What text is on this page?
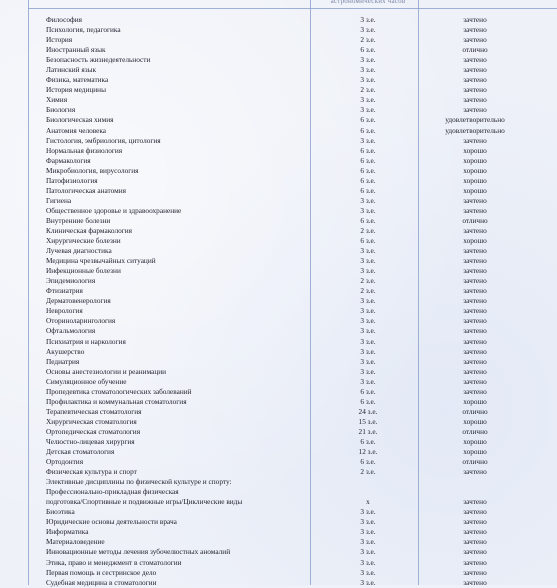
астрономических часов
Философия	3 з.е.	зачтено
Психология, педагогика	3 з.е.	зачтено
История	2 з.е.	зачтено
Иностранный язык	6 з.е.	отлично
Безопасность жизнедеятельности	3 з.е.	зачтено
Латинский язык	3 з.е.	зачтено
Физика, математика	3 з.е.	зачтено
История медицины	2 з.е.	зачтено
Химия	3 з.е.	зачтено
Биология	3 з.е.	зачтено
Биологическая химия	6 з.е.	удовлетворительно
Анатомия человека	6 з.е.	удовлетворительно
Гистология, эмбриология, цитология	3 з.е.	зачтено
Нормальная физиология	6 з.е.	хорошо
Фармакология	6 з.е.	хорошо
Микробиология, вирусология	6 з.е.	хорошо
Патофизиология	6 з.е.	хорошо
Патологическая анатомия	6 з.е.	хорошо
Гигиена	3 з.е.	зачтено
Общественное здоровье и здравоохранение	3 з.е.	зачтено
Внутренние болезни	6 з.е.	отлично
Клиническая фармакология	2 з.е.	зачтено
Хирургические болезни	6 з.е.	хорошо
Лучевая диагностика	3 з.е.	зачтено
Медицина чрезвычайных ситуаций	3 з.е.	зачтено
Инфекционные болезни	3 з.е.	зачтено
Эпидемиология	2 з.е.	зачтено
Фтизиатрия	2 з.е.	зачтено
Дерматовенерология	3 з.е.	зачтено
Неврология	3 з.е.	зачтено
Оториноларингология	3 з.е.	зачтено
Офтальмология	3 з.е.	зачтено
Психиатрия и наркология	3 з.е.	зачтено
Акушерство	3 з.е.	зачтено
Педиатрия	3 з.е.	зачтено
Основы анестезиологии и реанимации	3 з.е.	зачтено
Симуляционное обучение	3 з.е.	зачтено
Пропедевтика стоматологических заболеваний	6 з.е.	зачтено
Профилактика и коммунальная стоматология	6 з.е.	хорошо
Терапевтическая стоматология	24 з.е.	отлично
Хирургическая стоматология	15 з.е.	хорошо
Ортопедическая стоматология	21 з.е.	отлично
Челюстно-лицевая хирургия	6 з.е.	хорошо
Детская стоматология	12 з.е.	хорошо
Ортодонтия	6 з.е.	отлично
Физическая культура и спорт	2 з.е.	зачтено
Элективные дисциплины по физической культуре и спорту:
Профессионально-прикладная физическая
подготовка/Спортивные и подвижные игры/Циклические виды	х	зачтено
Биоэтика	3 з.е.	зачтено
Юридические основы деятельности врача	3 з.е.	зачтено
Информатика	3 з.е.	зачтено
Материаловедение	3 з.е.	зачтено
Инновационные методы лечения зубочелюстных аномалий	3 з.е.	зачтено
Этика, право и менеджмент в стоматологии	3 з.е.	зачтено
Первая помощь и сестринское дело	3 з.е.	зачтено
Судебная медицина в стоматологии	3 з.е.	зачтено
